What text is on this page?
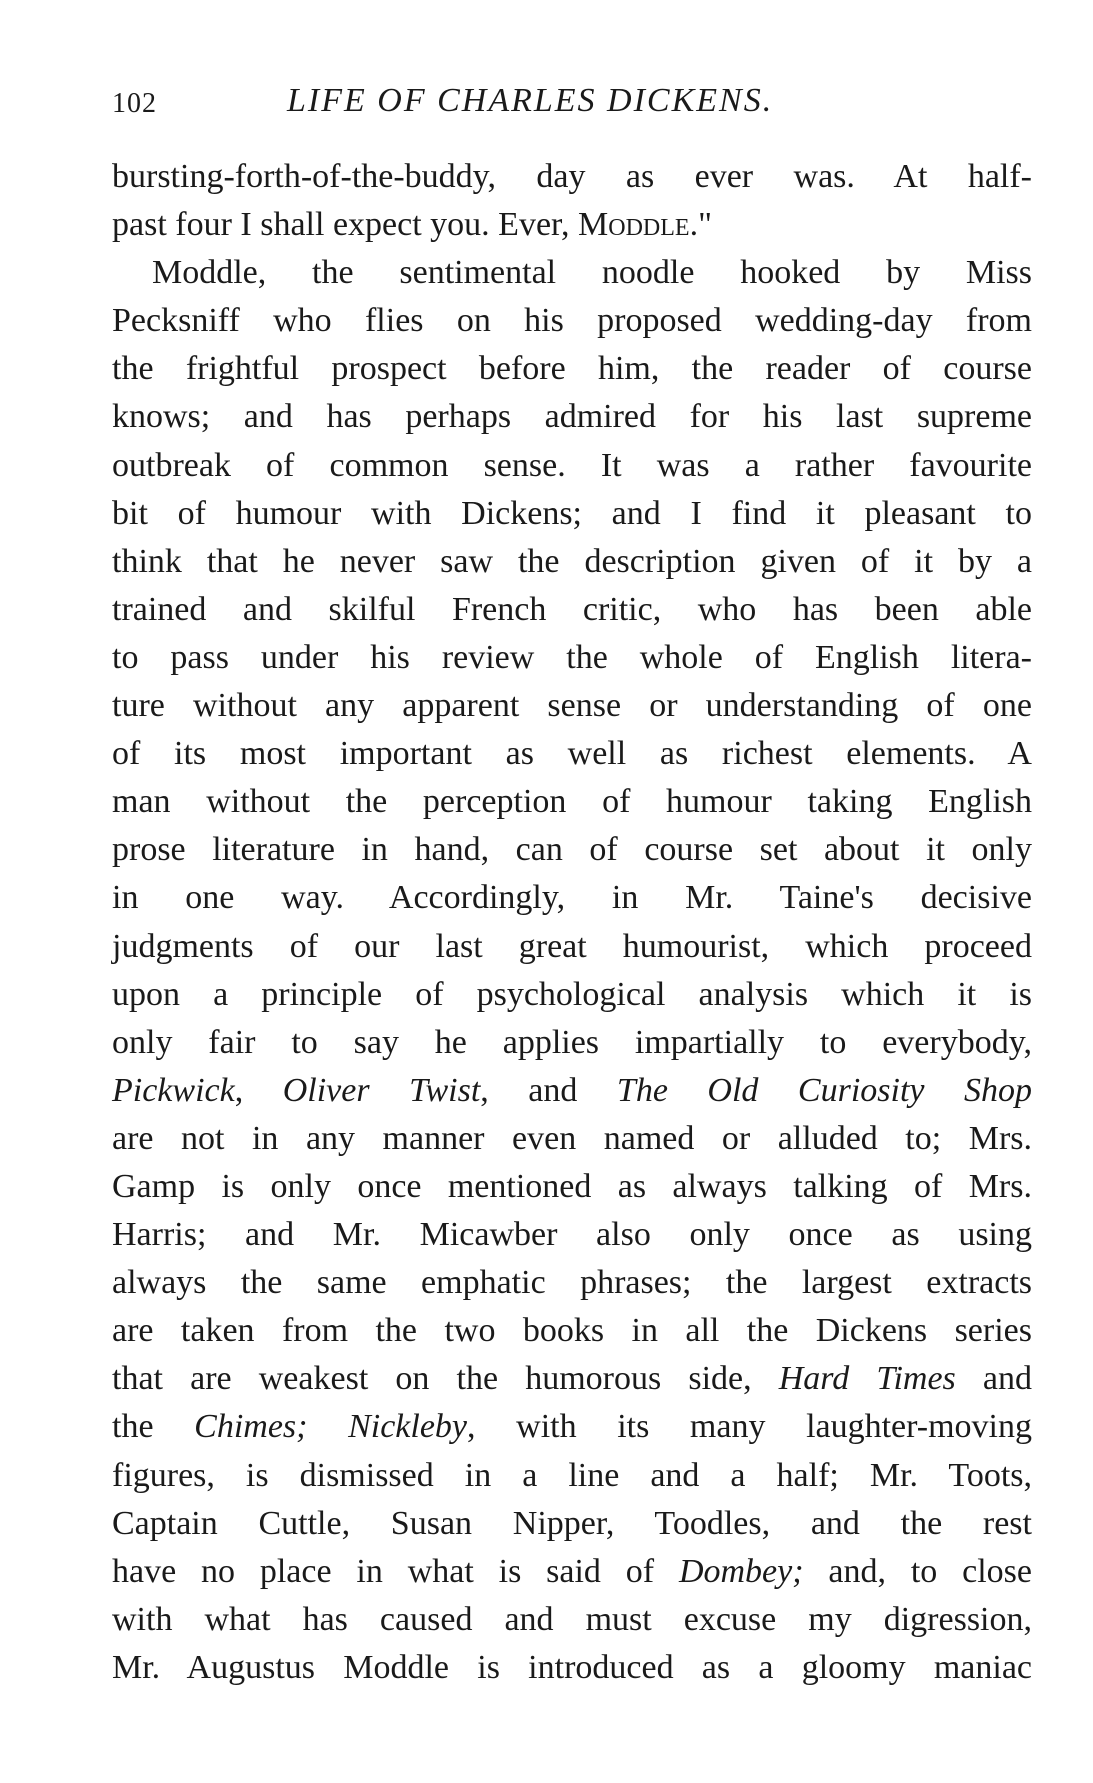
102	LIFE OF CHARLES DICKENS.
bursting-forth-of-the-buddy, day as ever was. At half-
past four I shall expect you. Ever, Moddle."
Moddle, the sentimental noodle hooked by Miss
Pecksniff who flies on his proposed wedding-day from
the frightful prospect before him, the reader of course
knows; and has perhaps admired for his last supreme
outbreak of common sense. It was a rather favourite
bit of humour with Dickens; and I find it pleasant to
think that he never saw the description given of it by a
trained and skilful French critic, who has been able
to pass under his review the whole of English litera-
ture without any apparent sense or understanding of one
of its most important as well as richest elements. A
man without the perception of humour taking English
prose literature in hand, can of course set about it only
in one way. Accordingly, in Mr. Taine's decisive
judgments of our last great humourist, which proceed
upon a principle of psychological analysis which it is
only fair to say he applies impartially to everybody,
Pickwick, Oliver Twist, and The Old Curiosity Shop
are not in any manner even named or alluded to; Mrs.
Gamp is only once mentioned as always talking of Mrs.
Harris; and Mr. Micawber also only once as using
always the same emphatic phrases; the largest extracts
are taken from the two books in all the Dickens series
that are weakest on the humorous side, Hard Times and
the Chimes; Nickleby, with its many laughter-moving
figures, is dismissed in a line and a half; Mr. Toots,
Captain Cuttle, Susan Nipper, Toodles, and the rest
have no place in what is said of Dombey; and, to close
with what has caused and must excuse my digression,
Mr. Augustus Moddle is introduced as a gloomy maniac
